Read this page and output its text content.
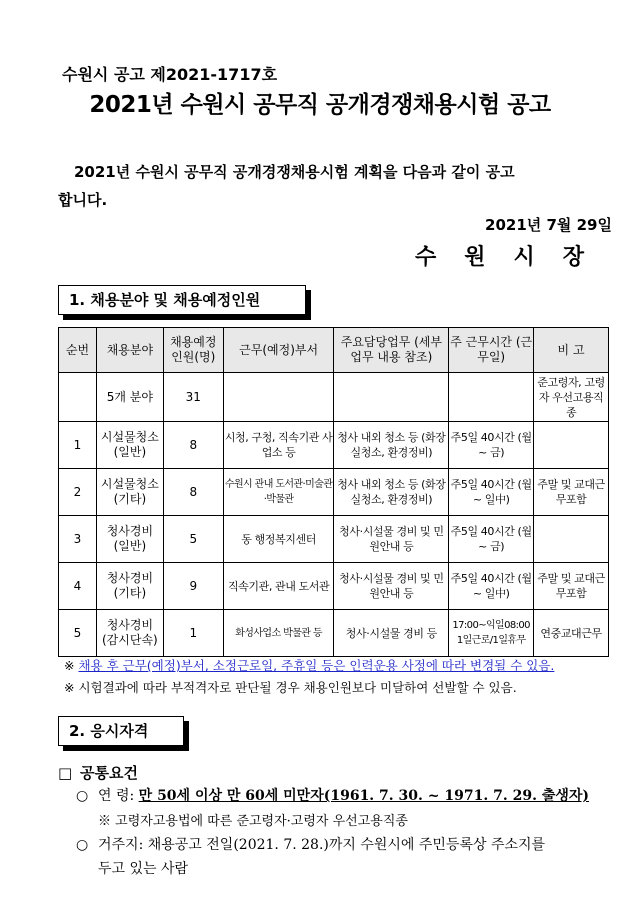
수원시 공고 제2021-1717호
2021년 수원시 공무직 공개경쟁채용시험 공고
2021년 수원시 공무직 공개경쟁채용시험 계획을 다음과 같이 공고
합니다.
2021년 7월 29일
수원시장
1. 채용분야 및 채용예정인원
순번	채용분야	채용예정 인원(명)	근무(예정)부서	주요담당업무 (세부업무 내용 참조)	주 근무시간 (근무일)	비 고
	5개 분야	31				준고령자, 고령자 우선고용직종
1	시설물청소 (일반)	8	시청, 구청, 직속기관 사업소 등	청사 내외 청소 등 (화장실청소, 환경정비)	주5일 40시간 (월 ~ 금)	
2	시설물청소 (기타)	8	수원시 관내 도서관·미술관·박물관	청사 내외 청소 등 (화장실청소, 환경정비)	주5일 40시간 (월 ~ 일中)	주말 및 교대근무포함
3	청사경비 (일반)	5	동 행정복지센터	청사·시설물 경비 및 민원안내 등	주5일 40시간 (월 ~ 금)	
4	청사경비 (기타)	9	직속기관, 관내 도서관	청사·시설물 경비 및 민원안내 등	주5일 40시간 (월 ~ 일中)	주말 및 교대근무포함
5	청사경비 (감시단속)	1	화성사업소 박물관 등	청사·시설물 경비 등	17:00~익일08:00 1일근로/1일휴무	연중교대근무
※ 채용 후 근무(예정)부서, 소정근로일, 주휴일 등은 인력운용 사정에 따라 변경될 수 있음.
※ 시험결과에 따라 부적격자로 판단될 경우 채용인원보다 미달하여 선발할 수 있음.
2. 응시자격
□ 공통요건
○ 연 령: 만 50세 이상 만 60세 미만자(1961. 7. 30. ~ 1971. 7. 29. 출생자)
※ 고령자고용법에 따른 준고령자·고령자 우선고용직종
○ 거주지: 채용공고 전일(2021. 7. 28.)까지 수원시에 주민등록상 주소지를
두고 있는 사람
